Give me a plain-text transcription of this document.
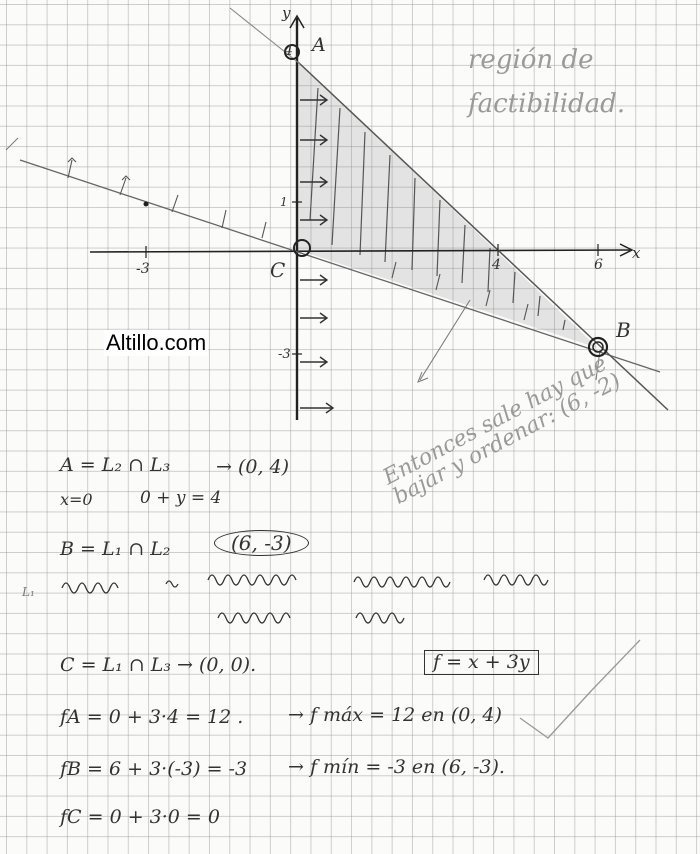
y
x
-3	4	6
1
-3
4 A
C
B
región de factibilidad.
Entonces sale hay que bajar y ordenar: (6, -2)
Altillo.com
A = L₂ ∩ L₃ → (0, 4)
x=0	0 + y = 4
B = L₁ ∩ L₂	(6, -3)
L₁
C = L₁ ∩ L₃ → (0, 0).	f = x + 3y
fA = 0 + 3·4 = 12 . → f máx = 12 en (0, 4)
fB = 6 + 3·(-3) = -3 → f mín = -3 en (6, -3).
fC = 0 + 3·0 = 0
